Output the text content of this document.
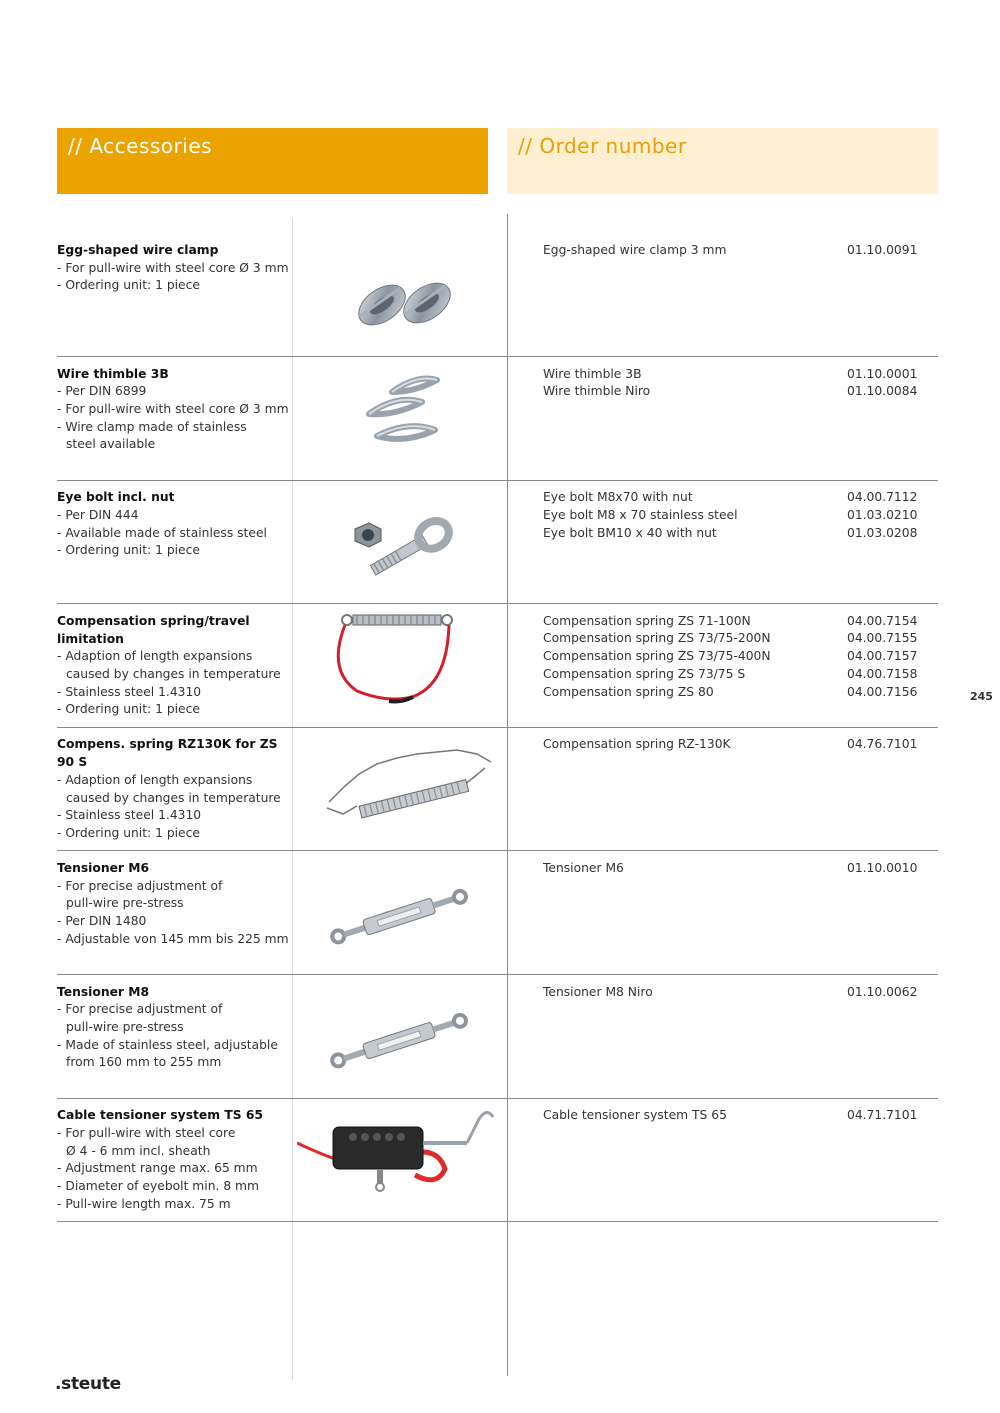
// Accessories	// Order number
Egg-shaped wire clamp
- For pull-wire with steel core Ø 3 mm
- Ordering unit: 1 piece
Egg-shaped wire clamp 3 mm	01.10.0091
Wire thimble 3B
- Per DIN 6899
- For pull-wire with steel core Ø 3 mm
- Wire clamp made of stainless
steel available
Wire thimble 3B	01.10.0001
Wire thimble Niro	01.10.0084
Eye bolt incl. nut
- Per DIN 444
- Available made of stainless steel
- Ordering unit: 1 piece
Eye bolt M8x70 with nut	04.00.7112
Eye bolt M8 x 70 stainless steel	01.03.0210
Eye bolt BM10 x 40 with nut	01.03.0208
Compensation spring/travel limitation
- Adaption of length expansions
caused by changes in temperature
- Stainless steel 1.4310
- Ordering unit: 1 piece
Compensation spring ZS 71-100N	04.00.7154
Compensation spring ZS 73/75-200N	04.00.7155
Compensation spring ZS 73/75-400N	04.00.7157
Compensation spring ZS 73/75 S	04.00.7158
Compensation spring ZS 80	04.00.7156
Compens. spring RZ130K for ZS 90 S
- Adaption of length expansions
caused by changes in temperature
- Stainless steel 1.4310
- Ordering unit: 1 piece
Compensation spring RZ-130K	04.76.7101
Tensioner M6
- For precise adjustment of
pull-wire pre-stress
- Per DIN 1480
- Adjustable von 145 mm bis 225 mm
Tensioner M6	01.10.0010
Tensioner M8
- For precise adjustment of
pull-wire pre-stress
- Made of stainless steel, adjustable
from 160 mm to 255 mm
Tensioner M8 Niro	01.10.0062
Cable tensioner system TS 65
- For pull-wire with steel core
Ø 4 - 6 mm incl. sheath
- Adjustment range max. 65 mm
- Diameter of eyebolt min. 8 mm
- Pull-wire length max. 75 m
Cable tensioner system TS 65	04.71.7101
245
.steute
